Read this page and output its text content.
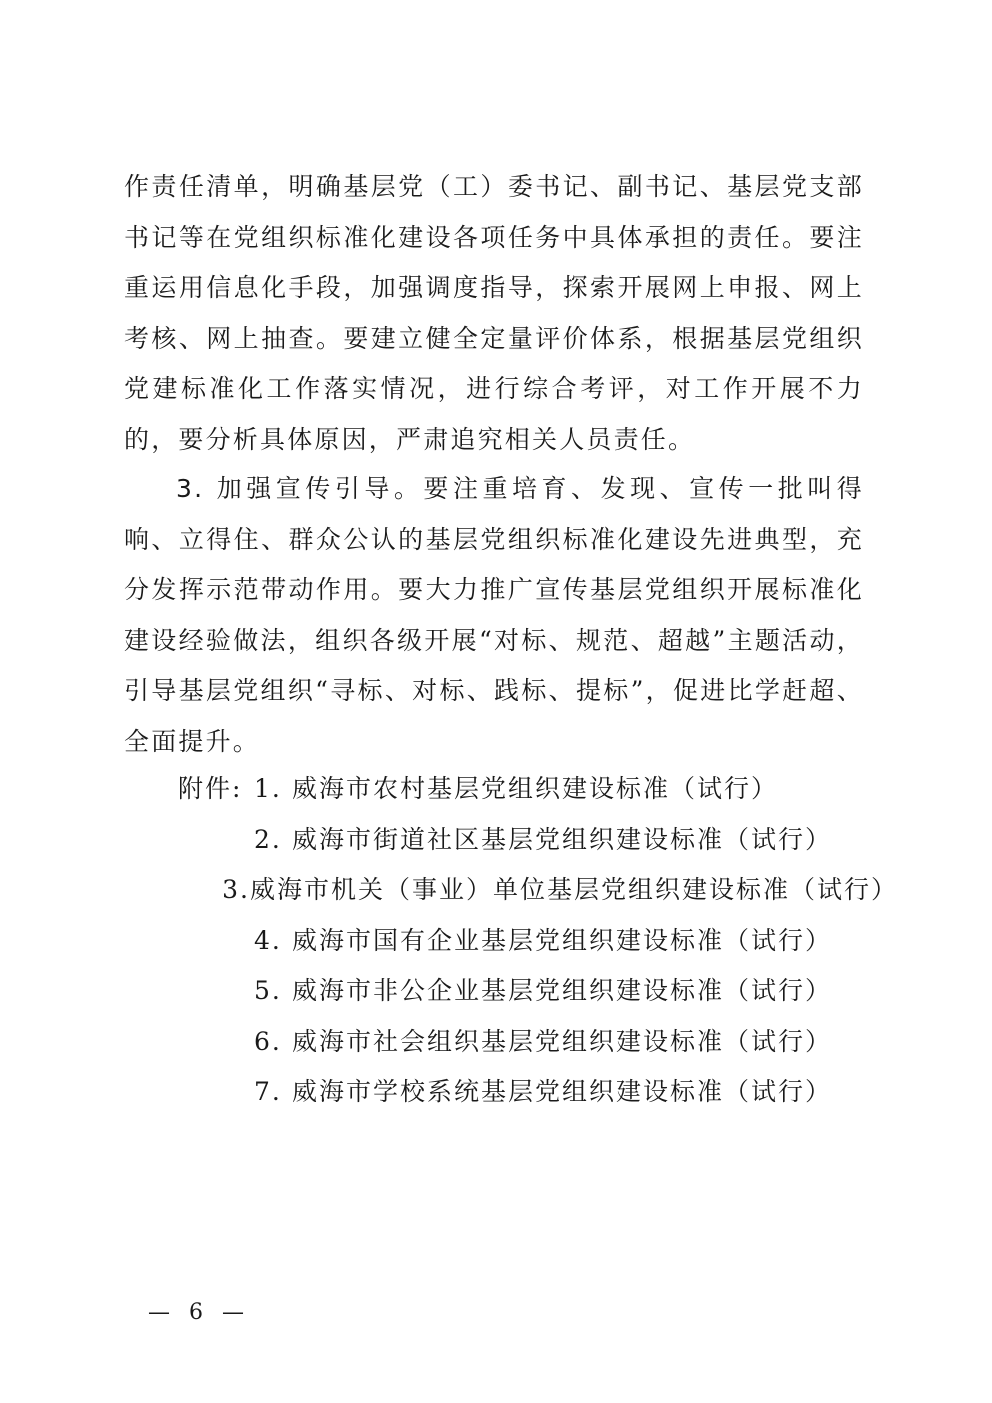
作责任清单，明确基层党（工）委书记、副书记、基层党支部书记等在党组织标准化建设各项任务中具体承担的责任。要注重运用信息化手段，加强调度指导，探索开展网上申报、网上考核、网上抽查。要建立健全定量评价体系，根据基层党组织党建标准化工作落实情况，进行综合考评，对工作开展不力的，要分析具体原因，严肃追究相关人员责任。
3. 加强宣传引导。要注重培育、发现、宣传一批叫得响、立得住、群众公认的基层党组织标准化建设先进典型，充分发挥示范带动作用。要大力推广宣传基层党组织开展标准化建设经验做法，组织各级开展“对标、规范、超越”主题活动，引导基层党组织“寻标、对标、践标、提标”，促进比学赶超、全面提升。
附件: 1. 威海市农村基层党组织建设标准（试行）
2. 威海市街道社区基层党组织建设标准（试行）
3. 威海市机关（事业）单位基层党组织建设标准（试行）
4. 威海市国有企业基层党组织建设标准（试行）
5. 威海市非公企业基层党组织建设标准（试行）
6. 威海市社会组织基层党组织建设标准（试行）
7. 威海市学校系统基层党组织建设标准（试行）
— 6 —
